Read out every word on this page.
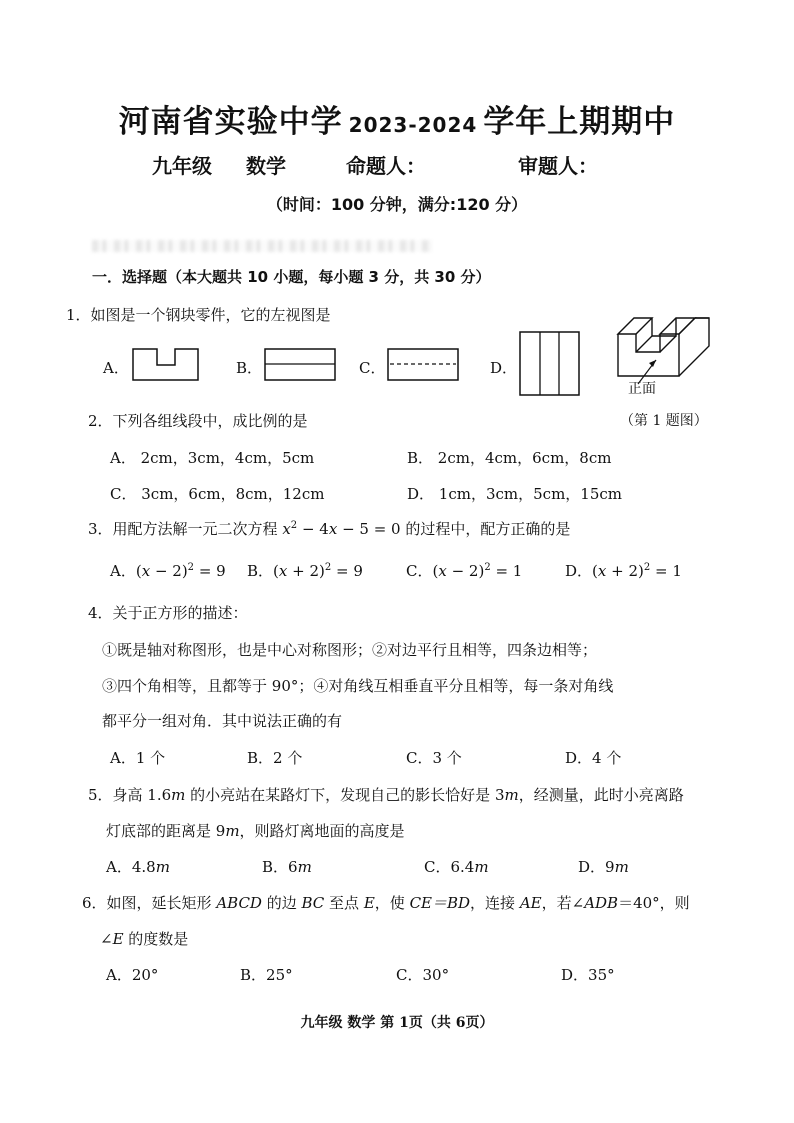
河南省实验中学 2023-2024 学年上期期中
九年级 数学	命题人：	审题人：
（时间：100 分钟，满分:120 分）
一．选择题（本大题共 10 小题，每小题 3 分，共 30 分）
1．如图是一个钢块零件，它的左视图是
A．	B．	C．	D．
正面
（第 1 题图）
2．下列各组线段中，成比例的是
A． 2cm，3cm，4cm，5cm	B． 2cm，4cm，6cm，8cm
C． 3cm，6cm，8cm，12cm	D． 1cm，3cm，5cm，15cm
3．用配方法解一元二次方程 $x^2 - 4x - 5 = 0$ 的过程中，配方正确的是
A．$(x - 2)^2 = 9$ B．$(x + 2)^2 = 9$	C．$(x - 2)^2 = 1$	D．$(x + 2)^2 = 1$
4．关于正方形的描述：
①既是轴对称图形，也是中心对称图形；②对边平行且相等，四条边相等；
③四个角相等，且都等于 90°；④对角线互相垂直平分且相等，每一条对角线
都平分一组对角．其中说法正确的有
A．1 个	B．2 个	C．3 个	D．4 个
5．身高 1.6m 的小亮站在某路灯下，发现自己的影长恰好是 3m，经测量，此时小亮离路
灯底部的距离是 9m，则路灯离地面的高度是
A．4.8m	B．6m	C．6.4m	D．9m
6．如图，延长矩形 ABCD 的边 BC 至点 E，使 CE＝BD，连接 AE，若∠ADB＝40°，则
∠E 的度数是
A．20°	B．25°	C．30°	D．35°
九年级 数学 第 1页（共 6页）
